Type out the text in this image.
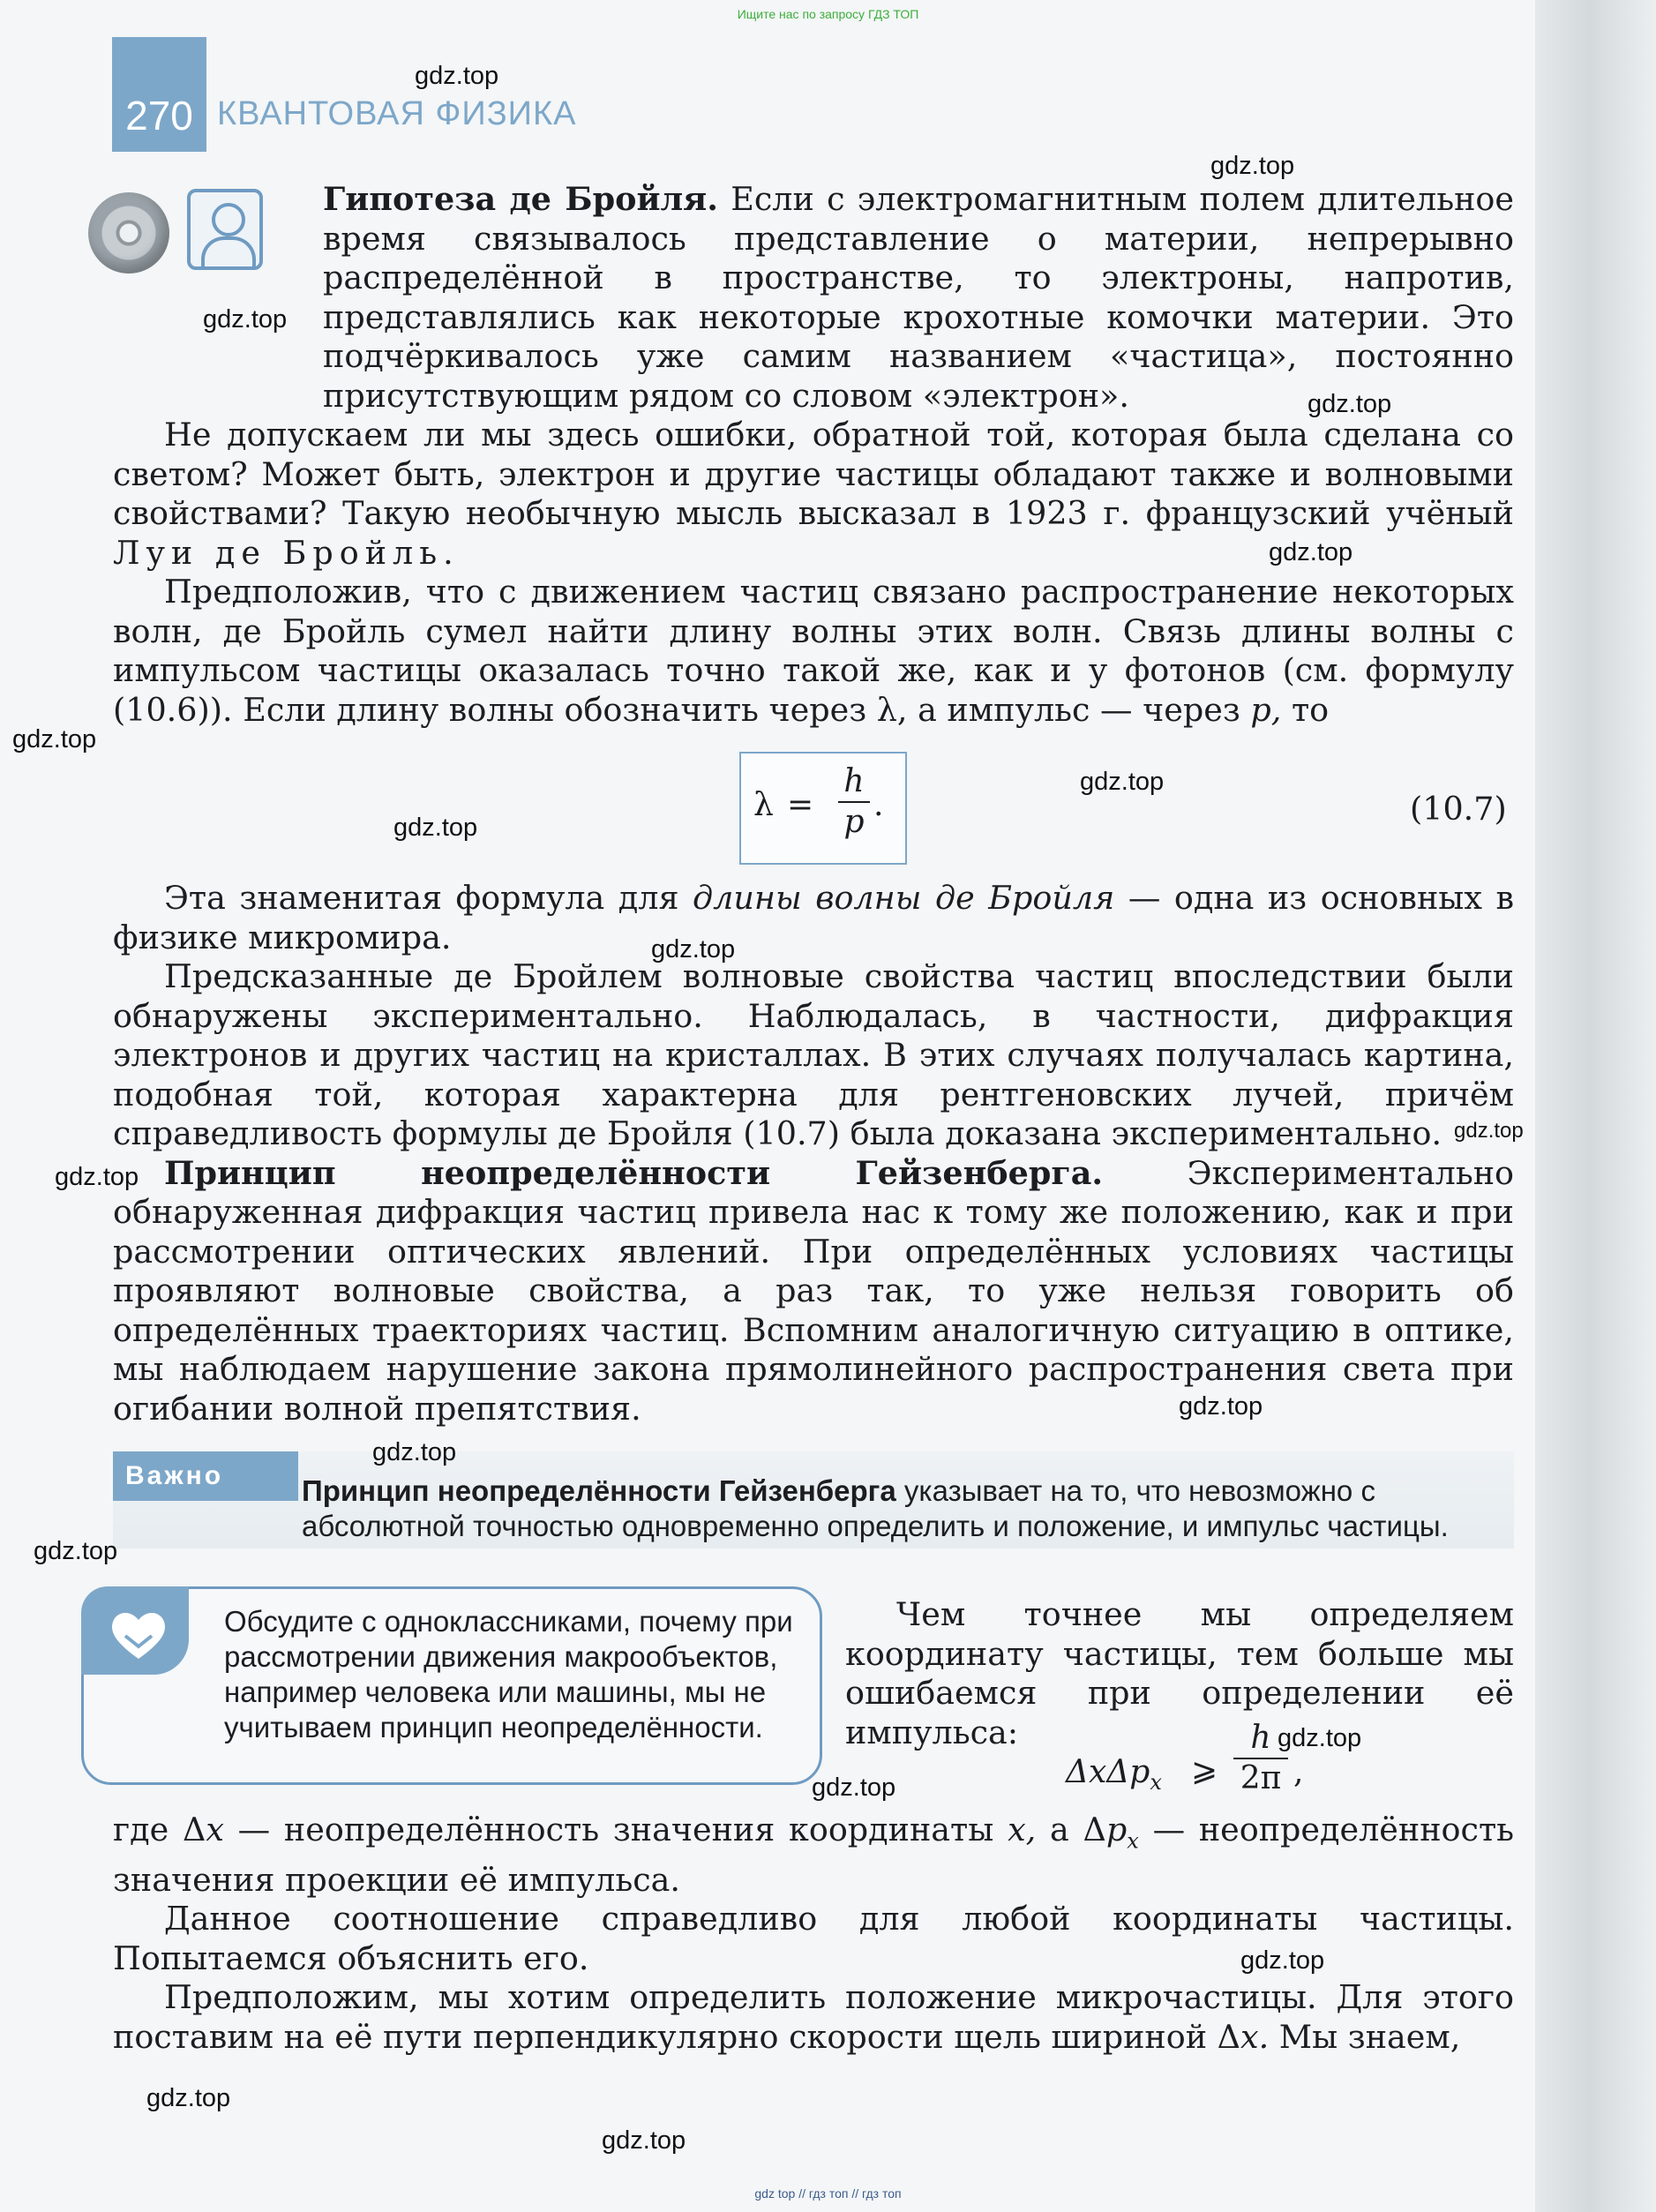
Ищите нас по запросу ГДЗ ТОП
270 КВАНТОВАЯ ФИЗИКА

Гипотеза де Бройля. Если с электромагнитным полем длительное время связывалось представление о материи, непрерывно распределённой в пространстве, то электроны, напротив, представлялись как некоторые крохотные комочки материи. Это подчёркивалось уже самим названием «частица», постоянно присутствующим рядом со словом «электрон».

Не допускаем ли мы здесь ошибки, обратной той, которая была сделана со светом? Может быть, электрон и другие частицы обладают также и волновыми свойствами? Такую необычную мысль высказал в 1923 г. французский учёный Луи де Бройль.

Предположив, что с движением частиц связано распространение некоторых волн, де Бройль сумел найти длину волны этих волн. Связь длины волны с импульсом частицы оказалась точно такой же, как и у фотонов (см. формулу (10.6)). Если длину волны обозначить через λ, а импульс — через p, то

λ =
h
p .	(10.7)

Эта знаменитая формула для длины волны де Бройля — одна из основных в физике микромира.

Предсказанные де Бройлем волновые свойства частиц впоследствии были обнаружены экспериментально. Наблюдалась, в частности, дифракция электронов и других частиц на кристаллах. В этих случаях получалась картина, подобная той, которая характерна для рентгеновских лучей, причём справедливость формулы де Бройля (10.7) была доказана экспериментально.

Принцип неопределённости Гейзенберга.	Экспериментально обнаруженная дифракция частиц привела нас к тому же положению, как и при рассмотрении оптических явлений. При определённых условиях частицы проявляют волновые свойства, а раз так, то уже нельзя говорить об определённых траекториях частиц. Вспомним аналогичную ситуацию в оптике, мы наблюдаем нарушение закона прямолинейного распространения света при огибании волной препятствия.

Важно	Принцип неопределённости Гейзенберга указывает на то, что невозможно с абсолютной точностью одновременно определить и положение, и импульс частицы.
Обсудите с одноклассниками, почему при рассмотрении движения макрообъектов, например человека или машины, мы не учитываем принцип неопределённости.

Чем точнее мы определяем координату частицы, тем больше мы ошибаемся при определении её импульса:

ΔxΔp$_x$ ⩾
h
2π ,

где Δx — неопределённость значения координаты x, а $\Delta p_x$ — неопределённость значения проекции её импульса.

Данное соотношение справедливо для любой координаты частицы. Попытаемся объяснить его.

Предположим, мы хотим определить положение микрочастицы. Для этого поставим на её пути перпендикулярно скорости щель шириной Δx. Мы знаем,

gdz.top
gdz.top
gdz.top
gdz.top
gdz.top
gdz.top
gdz.top
gdz.top
gdz.top
gdz.top
gdz.top
gdz.top
gdz.top
gdz.top
gdz.top
gdz.top
gdz.top
gdz.top
gdz.top
gdz top // гдз топ // гдз топ
